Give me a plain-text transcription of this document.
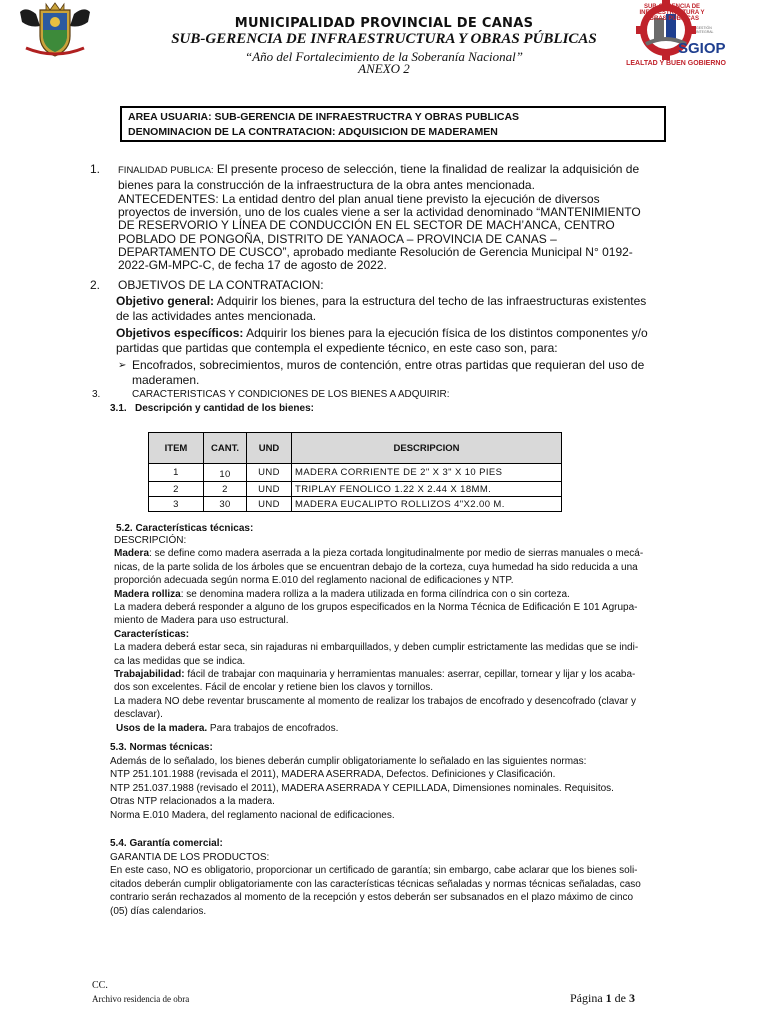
SUB-GERENCIA DE INFRAESTRUCTURA Y OBRAS PÚBLICAS
GESTIÓN
INTEGRAL
SGIOP
LEALTAD Y BUEN GOBIERNO
MUNICIPALIDAD PROVINCIAL DE CANAS
SUB-GERENCIA DE INFRAESTRUCTURA Y OBRAS PÚBLICAS
“Año del Fortalecimiento de la Soberanía Nacional”
ANEXO 2
AREA USUARIA: SUB-GERENCIA DE INFRAESTRUCTRA Y OBRAS PUBLICAS
DENOMINACION DE LA CONTRATACION: ADQUISICION DE MADERAMEN
1. FINALIDAD PUBLICA: El presente proceso de selección, tiene la finalidad de realizar la adquisición de
bienes para la construcción de la infraestructura de la obra antes mencionada.
ANTECEDENTES: La entidad dentro del plan anual tiene previsto la ejecución de diversos
proyectos de inversión, uno de los cuales viene a ser la actividad denominado “MANTENIMIENTO
DE RESERVORIO Y LÍNEA DE CONDUCCIÓN EN EL SECTOR DE MACH’ANCA, CENTRO
POBLADO DE PONGOÑA, DISTRITO DE YANAOCA – PROVINCIA DE CANAS –
DEPARTAMENTO DE CUSCO”, aprobado mediante Resolución de Gerencia Municipal N° 0192-
2022-GM-MPC-C, de fecha 17 de agosto de 2022.
2. OBJETIVOS DE LA CONTRATACION:
Objetivo general: Adquirir los bienes, para la estructura del techo de las infraestructuras existentes
de las actividades antes mencionada.
Objetivos específicos: Adquirir los bienes para la ejecución física de los distintos componentes y/o
partidas que partidas que contempla el expediente técnico, en este caso son, para:
➢ Encofrados, sobrecimientos, muros de contención, entre otras partidas que requieran del uso de
maderamen.
3.	CARACTERISTICAS Y CONDICIONES DE LOS BIENES A ADQUIRIR:
3.1.   Descripción y cantidad de los bienes:
ITEM	CANT.	UND	DESCRIPCION
1	10	UND	MADERA CORRIENTE DE 2" X 3" X 10 PIES
2	2	UND	TRIPLAY FENOLICO 1.22 X 2.44 X 18MM.
3	30	UND	MADERA EUCALIPTO ROLLIZOS 4"X2.00 M.
5.2. Características técnicas:
DESCRIPCIÓN:
Madera: se define como madera aserrada a la pieza cortada longitudinalmente por medio de sierras manuales o mecá-
nicas, de la parte solida de los árboles que se encuentran debajo de la corteza, cuya humedad ha sido reducida a una
proporción adecuada según norma E.010 del reglamento nacional de edificaciones y NTP.
Madera rolliza: se denomina madera rolliza a la madera utilizada en forma cilíndrica con o sin corteza.
La madera deberá responder a alguno de los grupos especificados en la Norma Técnica de Edificación E 101 Agrupa-
miento de Madera para uso estructural.
Características:
La madera deberá estar seca, sin rajaduras ni embarquillados, y deben cumplir estrictamente las medidas que se indi-
ca las medidas que se indica.
Trabajabilidad: fácil de trabajar con maquinaria y herramientas manuales: aserrar, cepillar, tornear y lijar y los acaba-
dos son excelentes. Fácil de encolar y retiene bien los clavos y tornillos.
La madera NO debe reventar bruscamente al momento de realizar los trabajos de encofrado y desencofrado (clavar y
desclavar).
Usos de la madera. Para trabajos de encofrados.
5.3. Normas técnicas:
Además de lo señalado, los bienes deberán cumplir obligatoriamente lo señalado en las siguientes normas:
NTP 251.101.1988 (revisada el 2011), MADERA ASERRADA, Defectos. Definiciones y Clasificación.
NTP 251.037.1988 (revisado el 2011), MADERA ASERRADA Y CEPILLADA, Dimensiones nominales. Requisitos.
Otras NTP relacionados a la madera.
Norma E.010 Madera, del reglamento nacional de edificaciones.
5.4. Garantía comercial:
GARANTIA DE LOS PRODUCTOS:
En este caso, NO es obligatorio, proporcionar un certificado de garantía; sin embargo, cabe aclarar que los bienes soli-
citados deberán cumplir obligatoriamente con las características técnicas señaladas y normas técnicas señaladas, caso
contrario serán rechazados al momento de la recepción y estos deberán ser subsanados en el plazo máximo de cinco
(05) días calendarios.
CC.
Archivo residencia de obra	Página 1 de 3
